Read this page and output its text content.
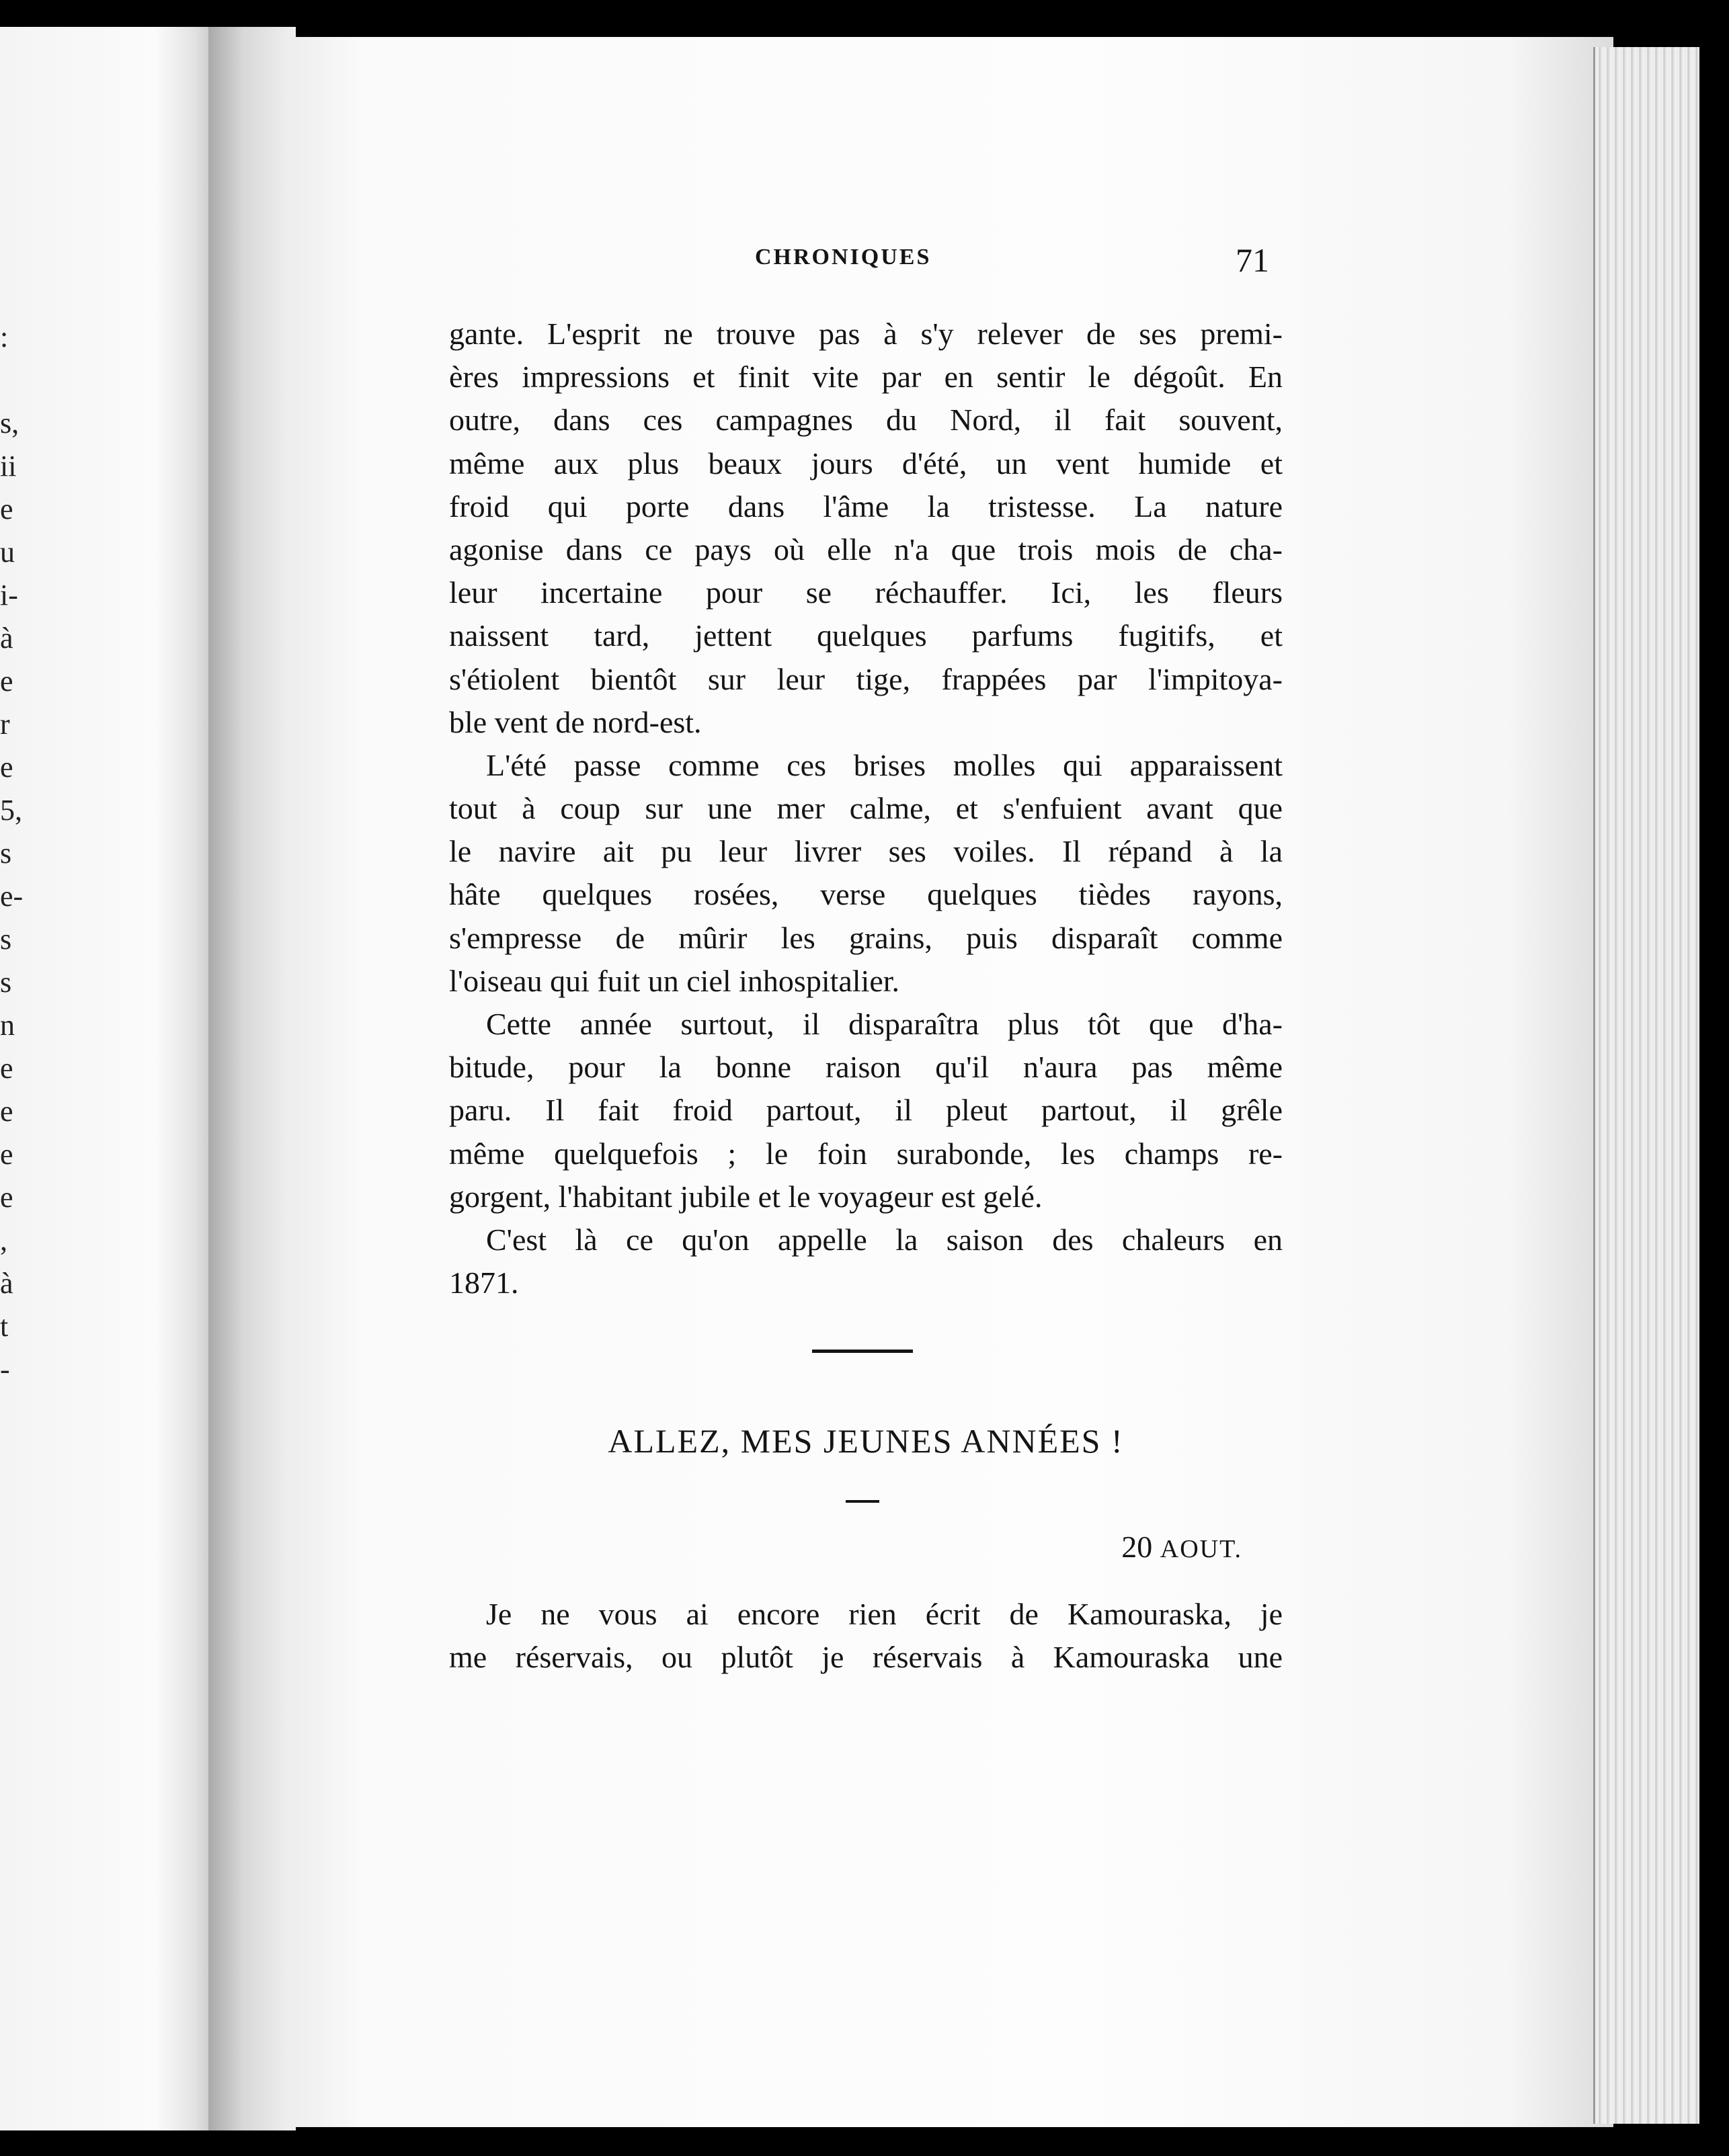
:
s,
ii
e
u
i-
à
e
r
e
5,
s
e-
s
s
n
e
e
e
e
,
à
t
-
CHRONIQUES	71
gante. L'esprit ne trouve pas à s'y relever de ses premi-
ères impressions et finit vite par en sentir le dégoût. En
outre, dans ces campagnes du Nord, il fait souvent,
même aux plus beaux jours d'été, un vent humide et
froid qui porte dans l'âme la tristesse. La nature
agonise dans ce pays où elle n'a que trois mois de cha-
leur incertaine pour se réchauffer. Ici, les fleurs
naissent tard, jettent quelques parfums fugitifs, et
s'étiolent bientôt sur leur tige, frappées par l'impitoya-
ble vent de nord-est.
L'été passe comme ces brises molles qui apparaissent
tout à coup sur une mer calme, et s'enfuient avant que
le navire ait pu leur livrer ses voiles. Il répand à la
hâte quelques rosées, verse quelques tièdes rayons,
s'empresse de mûrir les grains, puis disparaît comme
l'oiseau qui fuit un ciel inhospitalier.
Cette année surtout, il disparaîtra plus tôt que d'ha-
bitude, pour la bonne raison qu'il n'aura pas même
paru. Il fait froid partout, il pleut partout, il grêle
même quelquefois ; le foin surabonde, les champs re-
gorgent, l'habitant jubile et le voyageur est gelé.
C'est là ce qu'on appelle la saison des chaleurs en
1871.
ALLEZ, MES JEUNES ANNÉES !
20 AOUT.
Je ne vous ai encore rien écrit de Kamouraska, je
me réservais, ou plutôt je réservais à Kamouraska une
